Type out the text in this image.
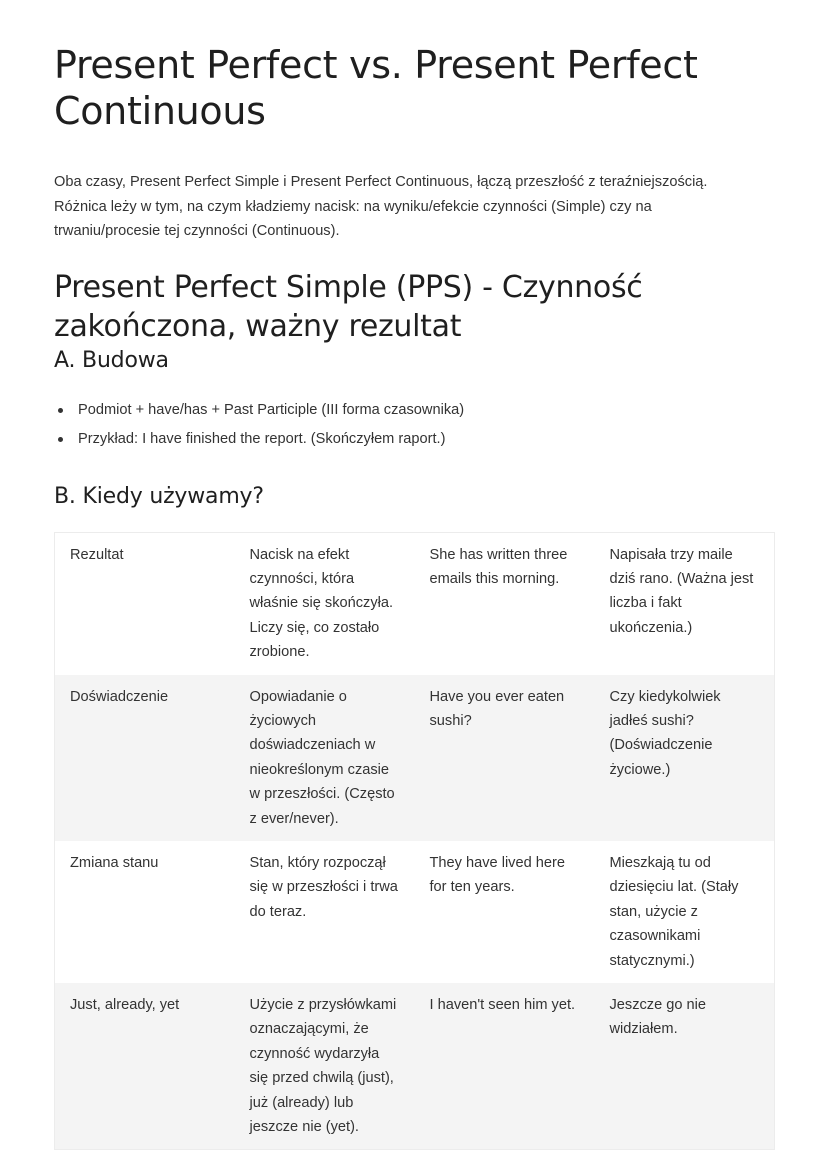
Present Perfect vs. Present Perfect Continuous

Oba czasy, Present Perfect Simple i Present Perfect Continuous, łączą przeszłość z teraźniejszością. Różnica leży w tym, na czym kładziemy nacisk: na wyniku/efekcie czynności (Simple) czy na trwaniu/procesie tej czynności (Continuous).

Present Perfect Simple (PPS) - Czynność zakończona, ważny rezultat
A. Budowa
Podmiot + have/has + Past Participle (III forma czasownika)
Przykład: I have finished the report. (Skończyłem raport.)
B. Kiedy używamy?
Rezultat	Nacisk na efekt czynności, która właśnie się skończyła. Liczy się, co zostało zrobione.	She has written three emails this morning.	Napisała trzy maile dziś rano. (Ważna jest liczba i fakt ukończenia.)
Doświadczenie	Opowiadanie o życiowych doświadczeniach w nieokreślonym czasie w przeszłości. (Często z ever/never).	Have you ever eaten sushi?	Czy kiedykolwiek jadłeś sushi? (Doświadczenie życiowe.)
Zmiana stanu	Stan, który rozpoczął się w przeszłości i trwa do teraz.	They have lived here for ten years.	Mieszkają tu od dziesięciu lat. (Stały stan, użycie z czasownikami statycznymi.)
Just, already, yet	Użycie z przysłówkami oznaczającymi, że czynność wydarzyła się przed chwilą (just), już (already) lub jeszcze nie (yet).	I haven't seen him yet.	Jeszcze go nie widziałem.
